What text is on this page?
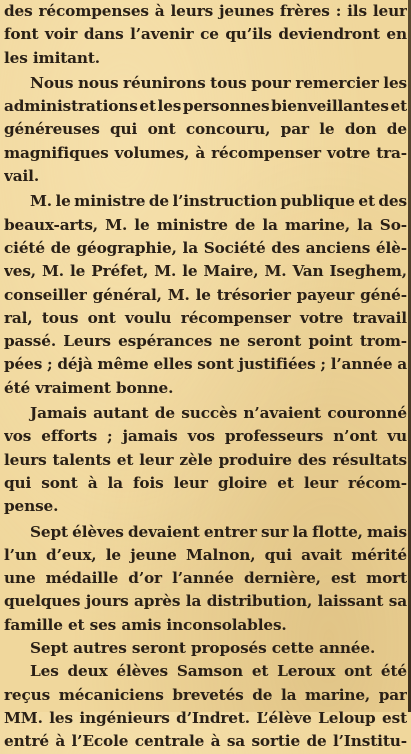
des récompenses à leurs jeunes frères : ils leur
font voir dans l’avenir ce qu’ils deviendront en
les imitant.
Nous nous réunirons tous pour remercier les
administrations et les personnes bienveillantes et
généreuses qui ont concouru, par le don de
magnifiques volumes, à récompenser votre tra-
vail.
M. le ministre de l’instruction publique et des
beaux-arts, M. le ministre de la marine, la So-
ciété de géographie, la Société des anciens élè-
ves, M. le Préfet, M. le Maire, M. Van Iseghem,
conseiller général, M. le trésorier payeur géné-
ral, tous ont voulu récompenser votre travail
passé. Leurs espérances ne seront point trom-
pées ; déjà même elles sont justifiées ; l’année a
été vraiment bonne.
Jamais autant de succès n’avaient couronné
vos efforts ; jamais vos professeurs n’ont vu
leurs talents et leur zèle produire des résultats
qui sont à la fois leur gloire et leur récom-
pense.
Sept élèves devaient entrer sur la flotte, mais
l’un d’eux, le jeune Malnon, qui avait mérité
une médaille d’or l’année dernière, est mort
quelques jours après la distribution, laissant sa
famille et ses amis inconsolables.
Sept autres seront proposés cette année.
Les deux élèves Samson et Leroux ont été
reçus mécaniciens brevetés de la marine, par
MM. les ingénieurs d’Indret. L’élève Leloup est
entré à l’Ecole centrale à sa sortie de l’Institu-
